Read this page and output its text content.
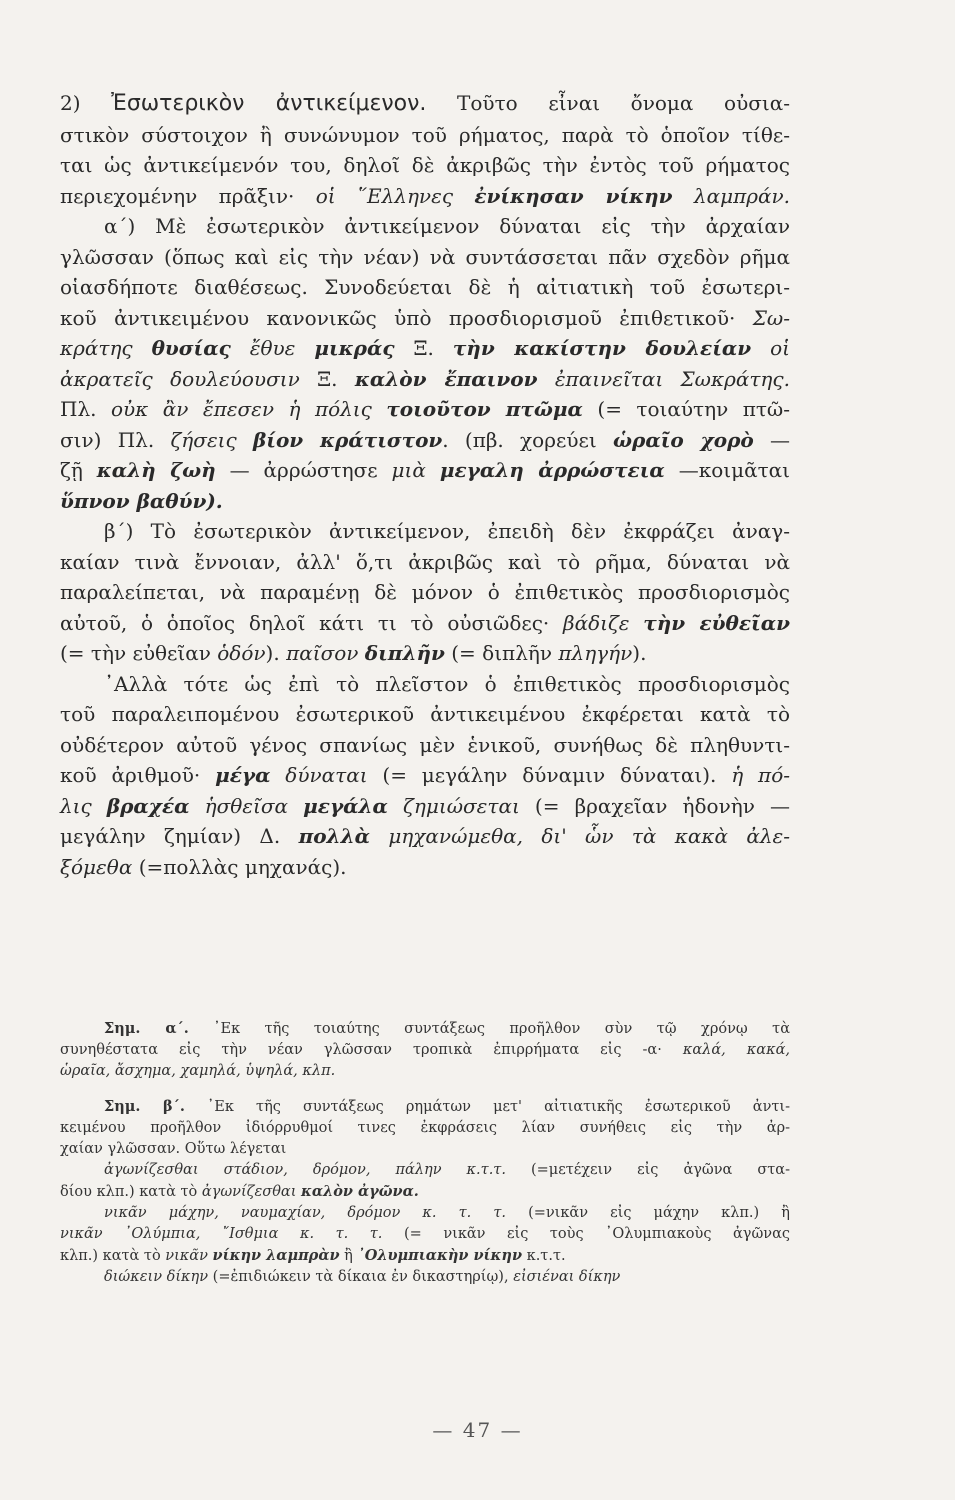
2) Ἐσωτερικὸν ἀντικείμενον. Τοῦτο εἶναι ὄνομα οὐσια-

στικὸν σύστοιχον ἢ συνώνυμον τοῦ ρήματος, παρὰ τὸ ὁποῖον τίθε-

ται ὡς ἀντικείμενόν του, δηλοῖ δὲ ἀκριβῶς τὴν ἐντὸς τοῦ ρήματος

περιεχομένην πρᾶξιν· οἱ ῞Ελληνες ἐνίκησαν νίκην λαμπράν.

α΄) Μὲ ἐσωτερικὸν ἀντικείμενον δύναται εἰς τὴν ἀρχαίαν

γλῶσσαν (ὅπως καὶ εἰς τὴν νέαν) νὰ συντάσσεται πᾶν σχεδὸν ρῆμα

οἱασδήποτε διαθέσεως. Συνοδεύεται δὲ ἡ αἰτιατικὴ τοῦ ἐσωτερι-

κοῦ ἀντικειμένου κανονικῶς ὑπὸ προσδιορισμοῦ ἐπιθετικοῦ· Σω-

κράτης θυσίας ἔθυε μικράς Ξ. τὴν κακίστην δουλείαν οἱ

ἀκρατεῖς δουλεύουσιν Ξ. καλὸν ἔπαινον ἐπαινεῖται Σωκράτης.

Πλ. οὐκ ἂν ἔπεσεν ἡ πόλις τοιοῦτον πτῶμα (= τοιαύτην πτῶ-

σιν) Πλ. ζήσεις βίον κράτιστον. (πβ. χορεύει ὡραῖο χορὸ —

ζῇ καλὴ ζωὴ — ἀρρώστησε μιὰ μεγαλη ἀρρώστεια —κοιμᾶται

ὕπνον βαθύν).

β΄) Τὸ ἐσωτερικὸν ἀντικείμενον, ἐπειδὴ δὲν ἐκφράζει ἀναγ-

καίαν τινὰ ἔννοιαν, ἀλλ' ὅ,τι ἀκριβῶς καὶ τὸ ρῆμα, δύναται νὰ

παραλείπεται, νὰ παραμένῃ δὲ μόνον ὁ ἐπιθετικὸς προσδιορισμὸς

αὐτοῦ, ὁ ὁποῖος δηλοῖ κάτι τι τὸ οὐσιῶδες· βάδιζε τὴν εὐθεῖαν

(= τὴν εὐθεῖαν ὁδόν). παῖσον διπλῆν (= διπλῆν πληγήν).

᾿Αλλὰ τότε ὡς ἐπὶ τὸ πλεῖστον ὁ ἐπιθετικὸς προσδιορισμὸς

τοῦ παραλειπομένου ἐσωτερικοῦ ἀντικειμένου ἐκφέρεται κατὰ τὸ

οὐδέτερον αὐτοῦ γένος σπανίως μὲν ἑνικοῦ, συνήθως δὲ πληθυντι-

κοῦ ἀριθμοῦ· μέγα δύναται (= μεγάλην δύναμιν δύναται). ἡ πό-

λις βραχέα ἡσθεῖσα μεγάλα ζημιώσεται (= βραχεῖαν ἡδονὴν —

μεγάλην ζημίαν) Δ. πολλὰ μηχανώμεθα, δι' ὧν τὰ κακὰ ἀλε-

ξόμεθα (=πολλὰς μηχανάς).

Σημ. α΄. ᾿Εκ τῆς τοιαύτης συντάξεως προῆλθον σὺν τῷ χρόνῳ τὰ

συνηθέστατα εἰς τὴν νέαν γλῶσσαν τροπικὰ ἐπιρρήματα εἰς -α· καλά, κακά,

ὡραῖα, ἄσχημα, χαμηλά, ὑψηλά, κλπ.

Σημ. β΄. ᾿Εκ τῆς συντάξεως ρημάτων μετ' αἰτιατικῆς ἐσωτερικοῦ ἀντι-

κειμένου προῆλθον ἰδιόρρυθμοί τινες ἐκφράσεις λίαν συνήθεις εἰς τὴν ἀρ-

χαίαν γλῶσσαν. Οὕτω λέγεται

ἀγωνίζεσθαι στάδιον, δρόμον, πάλην κ.τ.τ. (=μετέχειν εἰς ἀγῶνα στα-

δίου κλπ.) κατὰ τὸ ἀγωνίζεσθαι καλὸν ἀγῶνα.

νικᾶν μάχην, ναυμαχίαν, δρόμον κ. τ. τ. (=νικᾶν εἰς μάχην κλπ.) ἢ

νικᾶν ᾿Ολύμπια, ῎Ισθμια κ. τ. τ. (= νικᾶν εἰς τοὺς ᾿Ολυμπιακοὺς ἀγῶνας

κλπ.) κατὰ τὸ νικᾶν νίκην λαμπρὰν ἢ ᾿Ολυμπιακὴν νίκην κ.τ.τ.

διώκειν δίκην (=ἐπιδιώκειν τὰ δίκαια ἐν δικαστηρίῳ), εἰσιέναι δίκην

— 47 —
